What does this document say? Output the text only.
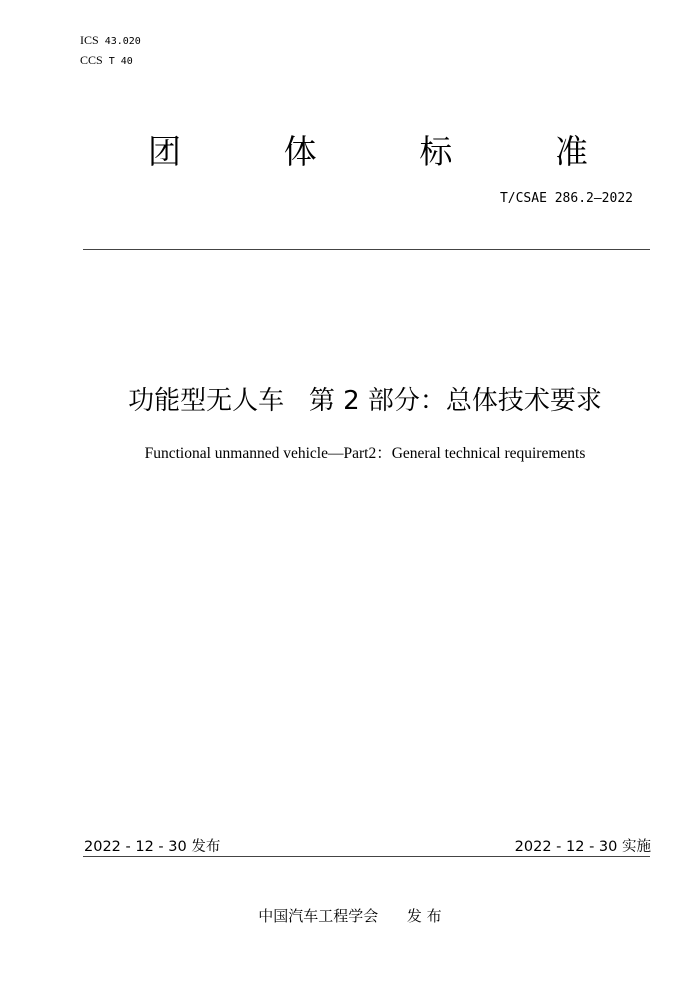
ICS 43.020
CCS T 40
团	体	标	准
T/CSAE 286.2—2022
功能型无人车   第 2 部分：总体技术要求
Functional unmanned vehicle—Part2：General technical requirements
2022 - 12 - 30 发布	2022 - 12 - 30 实施
中国汽车工程学会      发 布
